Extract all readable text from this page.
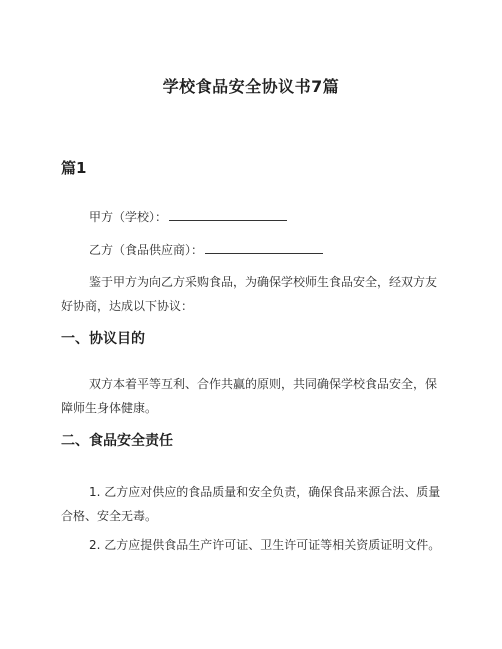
学校食品安全协议书7篇
篇1
甲方（学校）：
乙方（食品供应商）：

鉴于甲方为向乙方采购食品，为确保学校师生食品安全，经双方友好协商，达成以下协议：

一、协议目的

双方本着平等互利、合作共赢的原则，共同确保学校食品安全，保障师生身体健康。

二、食品安全责任

1. 乙方应对供应的食品质量和安全负责，确保食品来源合法、质量合格、安全无毒。

2. 乙方应提供食品生产许可证、卫生许可证等相关资质证明文件。
